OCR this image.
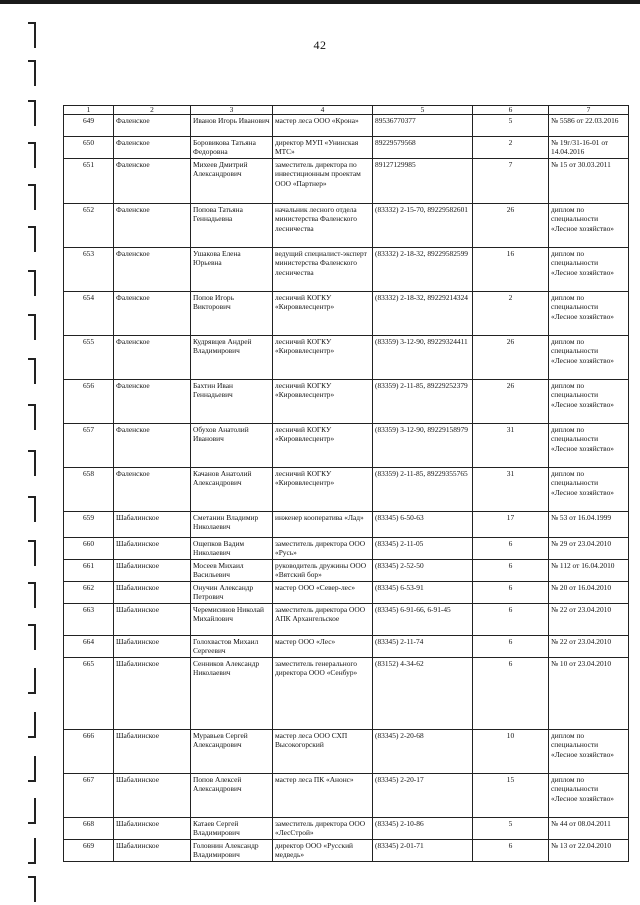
42
1	2	3	4	5	6	7
649	Фаленское	Иванов Игорь Иванович	мастер леса ООО «Крона»	89536770377	5	№ 5586 от 22.03.2016
650	Фаленское	Боровикова Татьяна Федоровна	директор МУП «Унинская МТС»	89229579568	2	№ 19г/31-16-01 от 14.04.2016
651	Фаленское	Михеев Дмитрий Александрович	заместитель директора по инвестиционным проектам ООО «Партнер»	89127129985	7	№ 15 от 30.03.2011
652	Фаленское	Попова Татьяна Геннадьевна	начальник лесного отдела министерства Фаленского лесничества	(83332) 2-15-70, 89229582601	26	диплом по специальности «Лесное хозяйство»
653	Фаленское	Ушакова Елена Юрьевна	ведущий специалист-эксперт министерства Фаленского лесничества	(83332) 2-18-32, 89229582599	16	диплом по специальности «Лесное хозяйство»
654	Фаленское	Попов Игорь Викторович	лесничий КОГКУ «Кироввлесцентр»	(83332) 2-18-32, 89229214324	2	диплом по специальности «Лесное хозяйство»
655	Фаленское	Кудрявцев Андрей Владимирович	лесничий КОГКУ «Кироввлесцентр»	(83359) 3-12-90, 89229324411	26	диплом по специальности «Лесное хозяйство»
656	Фаленское	Бахтин Иван Геннадьевич	лесничий КОГКУ «Кироввлесцентр»	(83359) 2-11-85, 89229252379	26	диплом по специальности «Лесное хозяйство»
657	Фаленское	Обухов Анатолий Иванович	лесничий КОГКУ «Кироввлесцентр»	(83359) 3-12-90, 89229158979	31	диплом по специальности «Лесное хозяйство»
658	Фаленское	Качанов Анатолий Александрович	лесничий КОГКУ «Кироввлесцентр»	(83359) 2-11-85, 89229355765	31	диплом по специальности «Лесное хозяйство»
659	Шабалинское	Сметанин Владимир Николаевич	инженер кооператива «Лад»	(83345) 6-50-63	17	№ 53 от 16.04.1999
660	Шабалинское	Ощепков Вадим Николаевич	заместитель директора ООО «Русь»	(83345) 2-11-05	6	№ 29 от 23.04.2010
661	Шабалинское	Мосеев Михаил Васильевич	руководитель дружины ООО «Вятский бор»	(83345) 2-52-50	6	№ 112 от 16.04.2010
662	Шабалинское	Онучин Александр Петрович	мастер ООО «Север-лес»	(83345) 6-53-91	6	№ 20 от 16.04.2010
663	Шабалинское	Черемисинов Николай Михайлович	заместитель директора ООО АПК Архангельское	(83345) 6-91-66, 6-91-45	6	№ 22 от 23.04.2010
664	Шабалинское	Голохвастов Михаил Сергеевич	мастер ООО «Лес»	(83345) 2-11-74	6	№ 22 от 23.04.2010
665	Шабалинское	Сенников Александр Николаевич	заместитель генерального директора ООО «Сенбур»	(83152) 4-34-62	6	№ 10 от 23.04.2010
666	Шабалинское	Муравьев Сергей Александрович	мастер леса ООО СХП Высокогорский	(83345) 2-20-68	10	диплом по специальности «Лесное хозяйство»
667	Шабалинское	Попов Алексей Александрович	мастер леса ПК «Анонс»	(83345) 2-20-17	15	диплом по специальности «Лесное хозяйство»
668	Шабалинское	Катаев Сергей Владимирович	заместитель директора ООО «ЛесСтрой»	(83345) 2-10-86	5	№ 44 от 08.04.2011
669	Шабалинское	Головнин Александр Владимирович	директор ООО «Русский медведь»	(83345) 2-01-71	6	№ 13 от 22.04.2010
